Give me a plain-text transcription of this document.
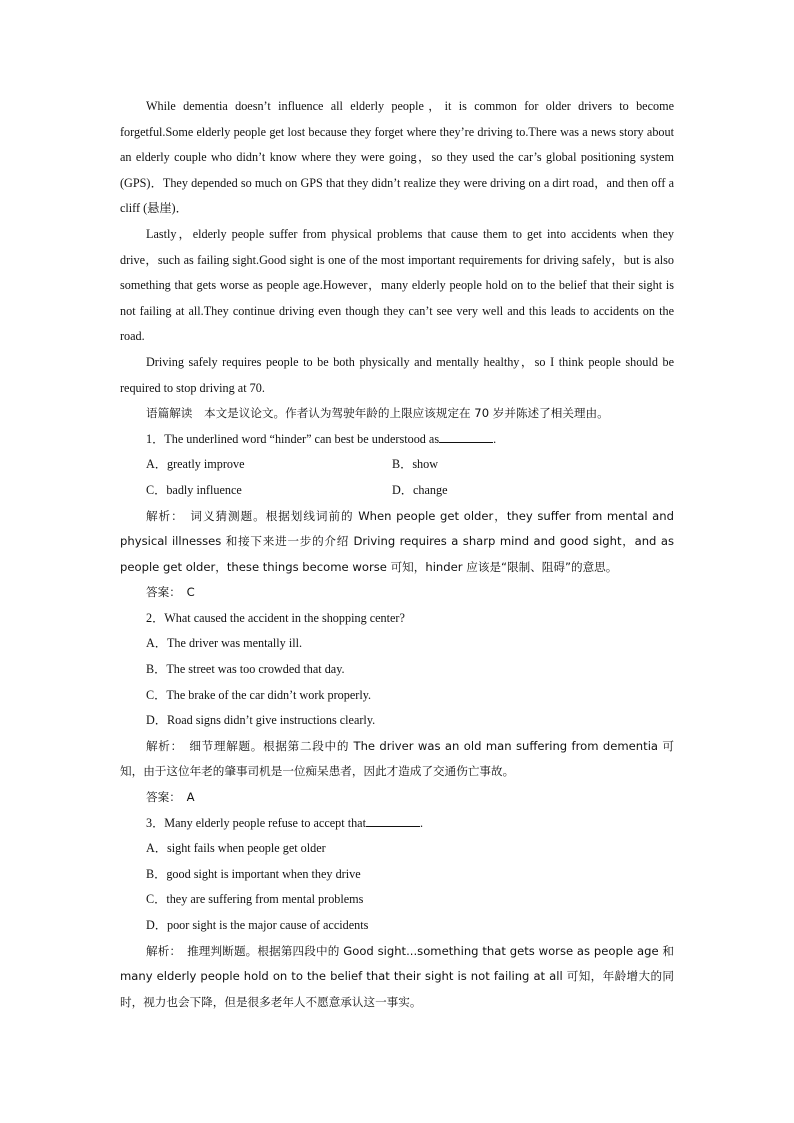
While dementia doesn’t influence all elderly people，it is common for older drivers to become forgetful.Some elderly people get lost because they forget where they’re driving to.There was a news story about an elderly couple who didn’t know where they were going，so they used the car’s global positioning system (GPS)．They depended so much on GPS that they didn’t realize they were driving on a dirt road，and then off a cliff (悬崖)．

Lastly，elderly people suffer from physical problems that cause them to get into accidents when they drive，such as failing sight.Good sight is one of the most important requirements for driving safely，but is also something that gets worse as people age.However，many elderly people hold on to the belief that their sight is not failing at all.They continue driving even though they can’t see very well and this leads to accidents on the road.

Driving safely requires people to be both physically and mentally healthy，so I think people should be required to stop driving at 70.

语篇解读　本文是议论文。作者认为驾驶年龄的上限应该规定在 70 岁并陈述了相关理由。

1．The underlined word “hinder” can best be understood as	.

A．greatly improve	B．show
C．badly influence	D．change

解析：　词义猜测题。根据划线词前的 When people get older，they suffer from mental and physical illnesses 和接下来进一步的介绍 Driving requires a sharp mind and good sight，and as people get older，these things become worse 可知，hinder 应该是“限制、阻碍”的意思。

答案：　C

2．What caused the accident in the shopping center?

A．The driver was mentally ill.

B．The street was too crowded that day.

C．The brake of the car didn’t work properly.

D．Road signs didn’t give instructions clearly.

解析：　细节理解题。根据第二段中的 The driver was an old man suffering from dementia 可知，由于这位年老的肇事司机是一位痴呆患者，因此才造成了交通伤亡事故。

答案：　A

3．Many elderly people refuse to accept that	.

A．sight fails when people get older

B．good sight is important when they drive

C．they are suffering from mental problems

D．poor sight is the major cause of accidents

解析：　推理判断题。根据第四段中的 Good sight...something that gets worse as people age 和 many elderly people hold on to the belief that their sight is not failing at all 可知，年龄增大的同时，视力也会下降，但是很多老年人不愿意承认这一事实。
